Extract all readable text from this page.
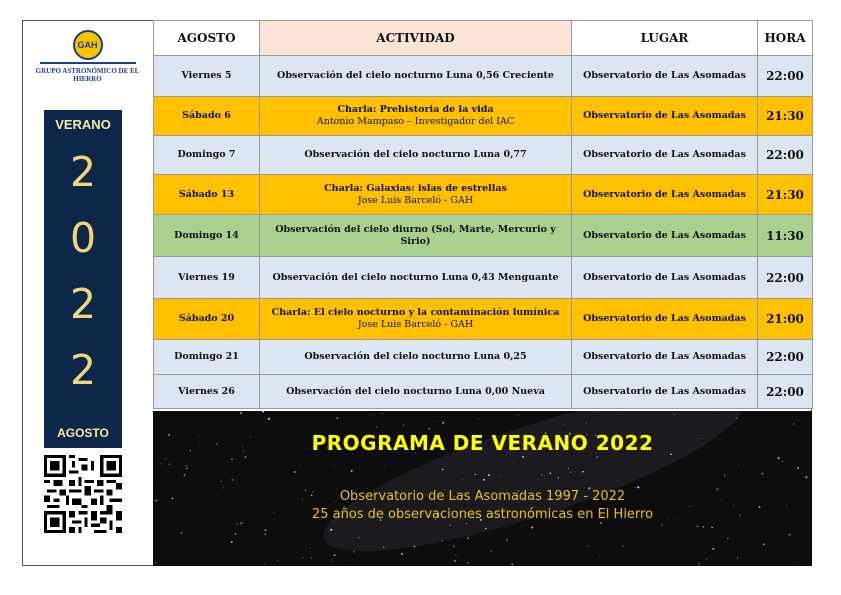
GAH
GRUPO ASTRONÓMICO DE EL HIERRO
VERANO
2
0
2
2
AGOSTO
AGOSTO	ACTIVIDAD	LUGAR	HORA
Viernes 5	Observación del cielo nocturno Luna 0,56 Creciente	Observatorio de Las Asomadas	22:00
Sábado 6	Charla: Prehistoria de la vida
Antonio Mampaso – Investigador del IAC	Observatorio de Las Asomadas	21:30
Domingo 7	Observación del cielo nocturno Luna 0,77	Observatorio de Las Asomadas	22:00
Sábado 13	Charla: Galaxias: islas de estrellas
Jose Luis Barceló - GAH	Observatorio de Las Asomadas	21:30
Domingo 14	Observación del cielo diurno (Sol, Marte, Mercurio y Sirio)	Observatorio de Las Asomadas	11:30
Viernes 19	Observación del cielo nocturno Luna 0,43 Menguante	Observatorio de Las Asomadas	22:00
Sábado 20	Charla: El cielo nocturno y la contaminación lumínica
Jose Luis Barceló - GAH	Observatorio de Las Asomadas	21:00
Domingo 21	Observación del cielo nocturno Luna 0,25	Observatorio de Las Asomadas	22:00
Viernes 26	Observación del cielo nocturno Luna 0,00 Nueva	Observatorio de Las Asomadas	22:00
PROGRAMA DE VERANO 2022
Observatorio de Las Asomadas 1997 - 2022
25 años de observaciones astronómicas en El Hierro
